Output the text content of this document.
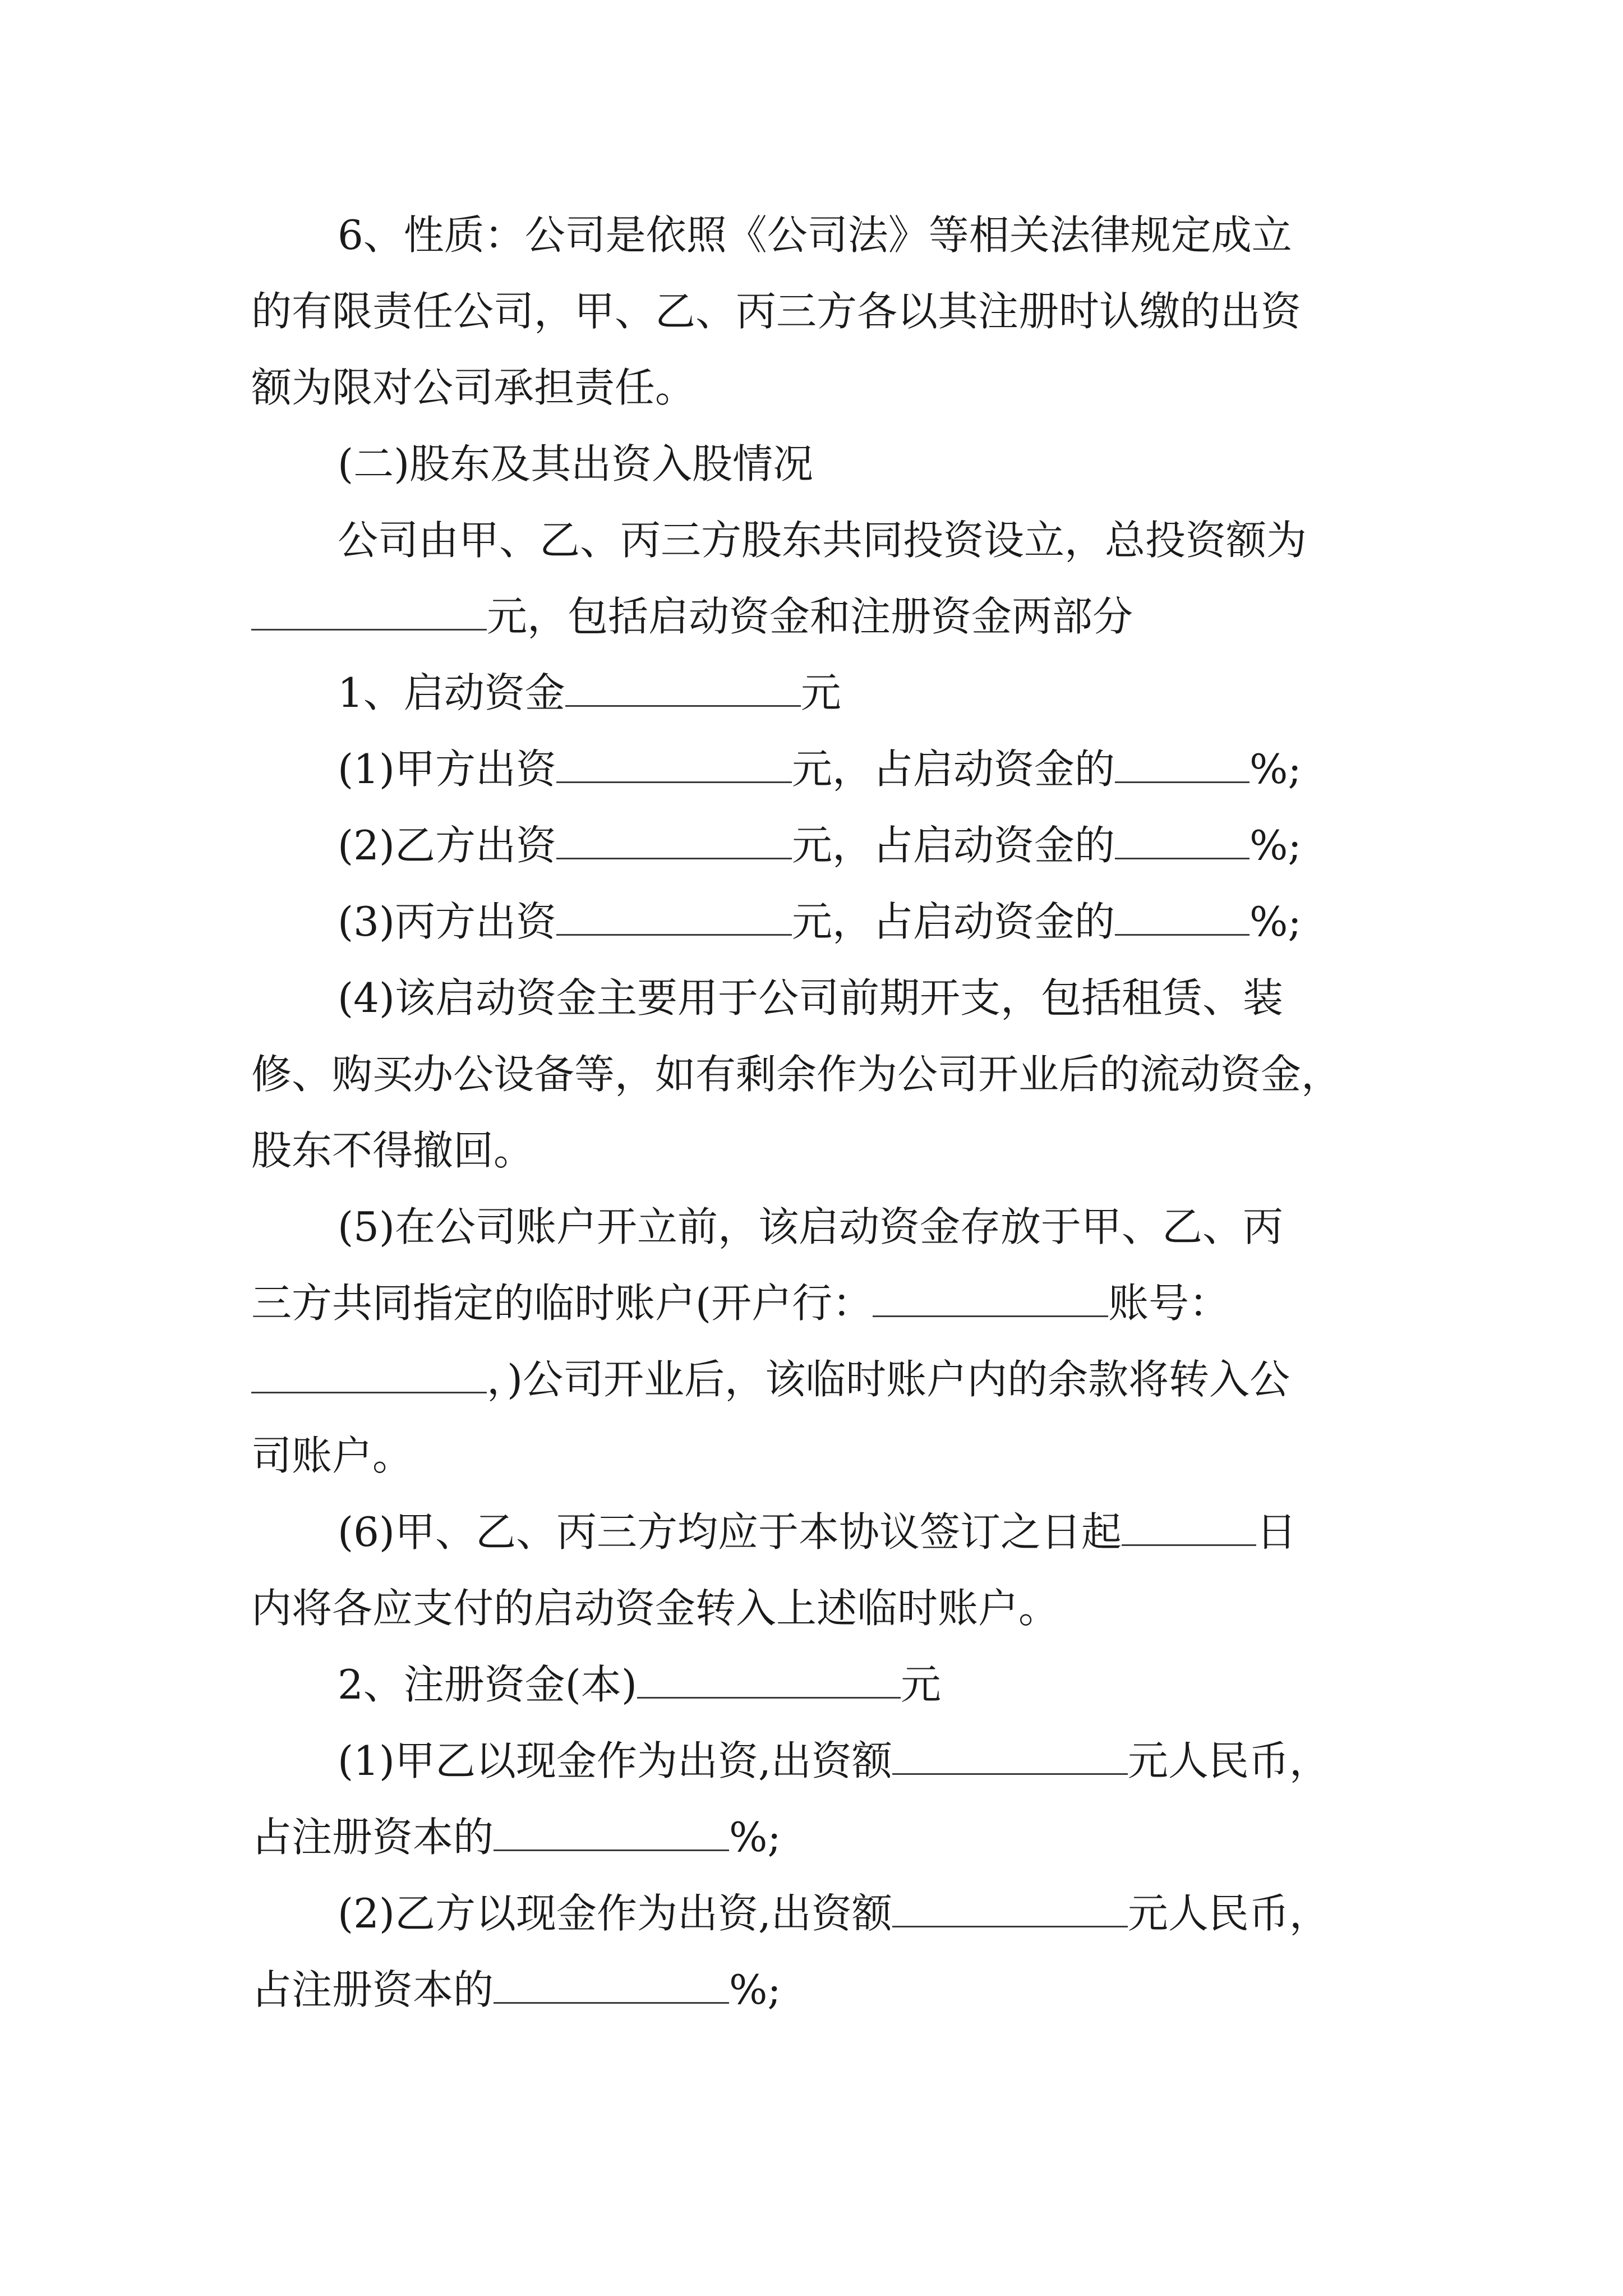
6、性质：公司是依照《公司法》等相关法律规定成立
的有限责任公司，甲、乙、丙三方各以其注册时认缴的出资
额为限对公司承担责任。
(二)股东及其出资入股情况
公司由甲、乙、丙三方股东共同投资设立，总投资额为
元，包括启动资金和注册资金两部分
1、启动资金	元
(1)甲方出资	元，占启动资金的	%;
(2)乙方出资	元，占启动资金的	%;
(3)丙方出资	元，占启动资金的	%;
(4)该启动资金主要用于公司前期开支，包括租赁、装
修、购买办公设备等，如有剩余作为公司开业后的流动资金，
股东不得撤回。
(5)在公司账户开立前，该启动资金存放于甲、乙、丙
三方共同指定的临时账户(开户行：	账号：
，)公司开业后，该临时账户内的余款将转入公
司账户。
(6)甲、乙、丙三方均应于本协议签订之日起	日
内将各应支付的启动资金转入上述临时账户。
2、注册资金(本)	元
(1)甲乙以现金作为出资,出资额	元人民币，
占注册资本的	%;
(2)乙方以现金作为出资,出资额	元人民币，
占注册资本的	%;
